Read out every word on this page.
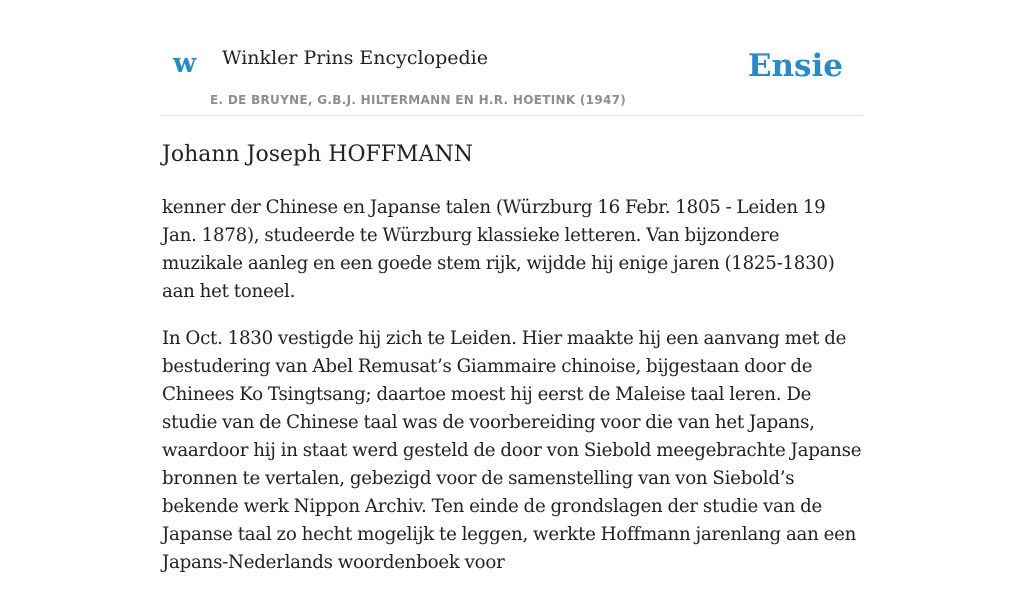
w Winkler Prins Encyclopedie
E. DE BRUYNE, G.B.J. HILTERMANN EN H.R. HOETINK (1947)
Ensie
Johann Joseph HOFFMANN

kenner der Chinese en Japanse talen (Würzburg 16 Febr. 1805 - Leiden 19 Jan. 1878), studeerde te Würzburg klassieke letteren. Van bijzondere muzikale aanleg en een goede stem rijk, wijdde hij enige jaren (1825-1830) aan het toneel.

In Oct. 1830 vestigde hij zich te Leiden. Hier maakte hij een aanvang met de bestudering van Abel Remusat’s Giammaire chinoise, bijgestaan door de Chinees Ko Tsingtsang; daartoe moest hij eerst de Maleise taal leren. De studie van de Chinese taal was de voorbereiding voor die van het Japans, waardoor hij in staat werd gesteld de door von Siebold meegebrachte Japanse bronnen te vertalen, gebezigd voor de samenstelling van von Siebold’s bekende werk Nippon Archiv. Ten einde de grondslagen der studie van de Japanse taal zo hecht mogelijk te leggen, werkte Hoffmann jarenlang aan een Japans-Nederlands woordenboek voor
